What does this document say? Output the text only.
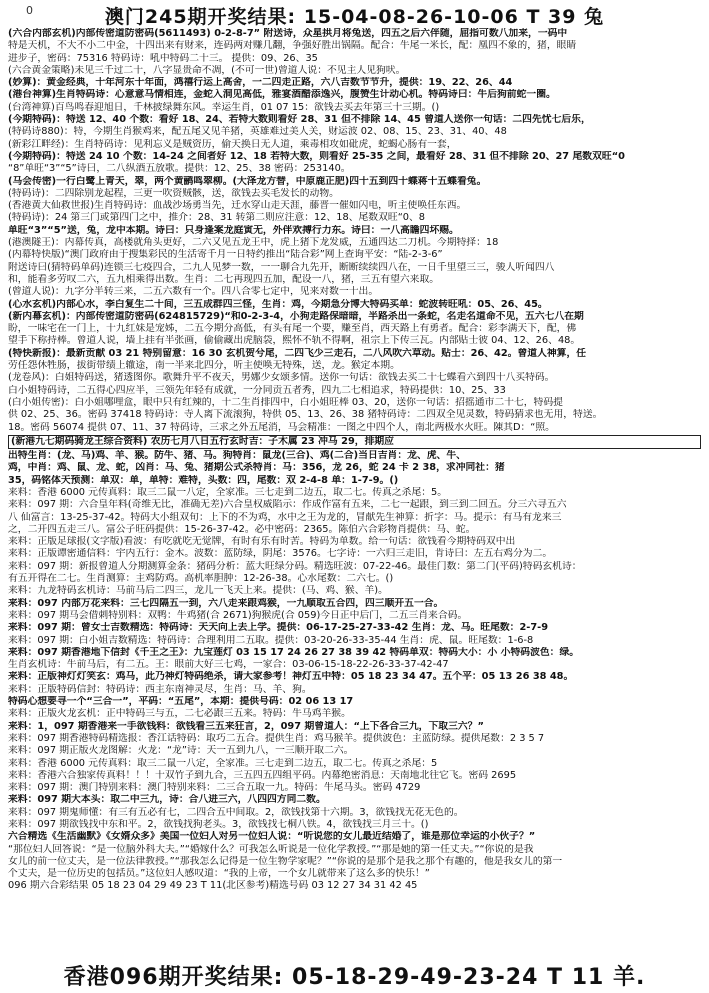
0	澳门245期开奖结果: 15-04-08-26-10-06 T 39 兔
(六合内部玄机)内部传密道防密码(5611493) 0-2-8-7” 附送诗，众星拱月将兔送，四五之后六伴随，屈指可数八加来，一码中
特是天机，不大不小二中金，十四出来有财来，连码两对赚几翻，争强好胜出锅隔。配合：牛尾一米长，配：凰四不象的，猪，眼睛
进步子，密码：75316 特码诗：吼中特码二十三。 提供：09、26、35
(六合黄金策略)未见三千过二十，八字显贵命不凋，(不可一世)曾道人说：不见主人见狗吠。
(妙算)：黄金经典，十年河东十年面，鸿禧行运上高舍，一二四走正路，六八吉数节节升，提供：19、22、26、44
(港台神算)生肖特码诗：心意意马情相连，金蛇入洞见高低，雅宴酒醋添逸兴，腹赞生计动心机。特码诗曰：牛后狗前蛇一圈。
(台湾神算)百鸟鸣春迎旭日，千林披绿舞东风。幸运生肖，01 07 15：欲钱去买去年第三十三期。()
(今期特码)：特送 12、40 个数：看好 18、24、若特大数则看好 28、31 但不排除 14、45 曾道人送你一句话：二四先忧七后乐，
(特码诗880)：特，今期生肖猴鸡来，配五尾又见羊猪，英雄难过美人关，财运波 02、08、15、23、31、40、48
(新彩江畔经)：生肖特码诗：见利忘义是贼资历，偷天换日无人道，乘毒相攻如砒虎，蛇蝎心肠有一套，
(今期特码)：特送 24 10 个数：14-24 之间者好 12、18 若特大数，则看好 25-35 之间，最看好 28、31 但不排除 20、27 尾数双旺“0
“8”单旺“3”“5”诗曰，二八纵酒五放歌。提供：12、25、38 密码：253140。
(马会传密)一行白鹭上青天，翠，两个黄鹂鸣翠柳。(大泽龙方替，中原鹿正肥)四十五到四十蝶蒋十五蝶看兔。
(特码诗)：二四除别龙起程，三更一吹资贼骸，送，欲钱去买毛发长的动物。
(香港黄大仙救世报)生肖特码诗：血战沙场勇当先，迁水穿山走天涯，藤晋一催如闪电，听主使唤任东西。
(特码诗)：24 第三门或第四门之中，推介：28、31 转第二则应注意：12、18、尾数双旺“0、8
单旺“3”“5”送，兔，龙中本期。诗曰：只身逢案龙庭寅无，外伴欢搏行力东。诗曰：一八高瞻四坏赐。
(港澳隧王)：内幕传真，高楼就角头更好，二六又见五龙王中，虎上猪下龙发威，五通四达二刀机。今期特择：18
(内幕特快版)“澳门政府由于搜集彩民的生活寄千月一日特约推出“陆合彩”网上查询平安：“陆-2-3-6”
附送诗曰(猜特码单码)连锁三七疫四合，二九人见梦一数，一一聊合九先开，断断续续四八在，一日千里望三三，骏人听闻四八
和，能看多劳叹二六，五九相乘得出数。生肖：二七再现四五加，配设一八，猪，三五有望六来取。
(曾道人说)：九字分半转三来，二五六数有一个。四八合零七定中，见来对数一十出。
(心水玄机)内部心水，李白复生二十间，三五成群四三怪，生肖：鸡，今期急分博大特码买单：蛇波转旺吼：05、26、45。
(新内幕玄机)：内部传密道防密码(624815729)“和0-2-3-4，小狗走路保暗暗，半路杀出一条蛇，名走名道命不见，五六七八在期
盼，一味宅在一门上，十九红妹是宠姊，二五今期分高低，有头有尾一个要，赚至肖，西天路上有勇者。配合：彩李满天下，配，佛
望手下称持棒。曾道人说，墙上挂有半张画，偷偷藏出虎脑袋，熙怀不轨不得啊，祖宗上下传三瓦。内部贴士彼 04、12、26、48。
(特快新报)：最新贡献 03 21 特别留意：16 30 玄机贺兮尾，二四飞少三走石，二八风吹六草动。贴士：26、42。曾道人神算，任
劳任怨休牲肠，拔街带绩上辙途，南一半来北四分，听主使唤无特殊，送，龙。猴定本期。
(龙卷风)：白姐特码送，猪透图你。歌舞升平不夜天，男娜少女颂多情。送你一句话：欲钱去买二十七蝶看六到四十八买特码。
白小姐特码诗，二五得心四应半，三领先年轻有成就，一分同贡五者秀，四九二七相追求，特码提供：10、25、33
(白小姐传密)：白小姐哪哩盒，眼中只有红辣的，十二生肖排四中，白小姐旺棒 03、20，送你一句话：招摇通市二十七，特码提
供 02、25、36。密码 37418 特码诗：寺人离下流滚狗，特供 05、13、26、38 猪特码诗：二四双全见灵数，特码猜求也无用，特送。
18。密码 56074 提供 07、11、37 特码诗，三求之外五尾消，马会精准：一图之中四个人，南北两极水火旺。陳其D：“照。
(新港九七期码骑龙王综合资料) 农历七月八日五行玄时吉：子木属 23 冲马 29，排期应
出特生肖：(龙、马)鸡、羊、猴。防牛、猪、马。狗特肖：鼠龙(三合)、鸡(二合)当日吉肖：龙、虎、牛、
鸡，中肖：鸡、鼠、龙、蛇，凶肖：马、兔、猪期公式杀特肖：马：356，龙 26，蛇 24 卡 2 38，求冲同社：猪
35，码铭体天预测：单双：单，单特：难特，头数：四，尾数：双 2-4-8 单：1-7-9。()
来料：香港 6000 元传真料：取三二鼠一八定，全家准。三七走到二边五，取二七。传真之杀尾：5。
来料：097 期：六合皇年料(奇维无比，准确无差)六合皇权威陷示：作成作富有五来，二七一起跟，到三到二回五。分三六寻五六
八 仙富言：13-25-37-42。特码大小组双旬：上下的不为鸡，水中之王为龙的，冒献先生神算：折字：马。提示：有马有龙来三
之，二开四五走三八。富公子旺码提供：15-26-37-42。必中密码：2365。陈伯六合彩物肖提供：马、蛇。
来料：正版足球报(文字版)看波：有吃就吃无觉牌，有时有乐有时苦。特码为单数。给一句话：欲钱看今期特码双中出
来料：正版谭密通信料：宇内五行：金木。波数：蓝防绿，阴尾：3576。七字诗：一六归三走旧，肯诗曰：左五右鸡分为二。
来料：097 期：新报曾道人分期测算金条：猪码分析：蓝大旺绿分码。精选旺波：07-22-46。最佳门数：第二门(平码)特码玄机诗：
有五开得在二七。生肖测算：主鸡防鸡。高机率胆肿：12-26-38。心水尾数：二六七。()
来料：九龙特码玄机诗：马前马后二四三，龙儿一飞天上来。提供：(马、鸡、猴、羊)。
来料：097 内部万花来料：三七四隔五一到，六八走来跟鸡猴，一九顺取五合四，四三顺开五一合。
来料：097 期马会借刺特别料：双鸭：牛鸡猪(合 2671)狗猴虎(合 059)今日正中后门，二五三肖来合码。
来料：097 期：曾女士吉数精选：特码诗：天天向上去上学。提供：06-17-25-27-33-42 生肖：龙、马。旺尾数：2-7-9
来料：097 期：白小姐吉数精选：特码诗：合理利用二五取。提供：03-20-26-33-35-44 生肖：虎、鼠。旺尾数：1-6-8
来料：097 期香港地下信封《千王之王》：九宝莲灯 03 15 17 24 26 27 38 39 42 特码单双：特码大小：小 小特码波色：绿。
生肖玄机诗：牛前马后，有二五。王：眼前大好三七鸡，一家合：03-06-15-18-22-26-33-37-42-47
来料：正版神灯灯笑玄：鸡马，此乃神灯特码绝杀，请大家参考！神灯五中特：05 18 23 34 47。五个平：05 13 26 38 48。
来料：正版特码信封：特码诗：西主东南神灵尽，生肖：马、羊、狗。
特码心想要寻一个“三合一”，平码：“五尾”，本期：提供号码：02 06 13 17
来料：正版火龙玄机：正中特码三与五，二七必跟三五来。特码：牛马鸡羊猴。
来料：1，097 期香港来一手欲钱料：欲钱看三五来狂言，2，097 期曾道人：“上下各合三九，下取三六？”
来料：097 期香港特码精选报：香江话特码：取巧二五合。提供生肖：鸡马猴羊。提供波色：主蓝防绿。提供尾数：2 3 5 7
来料：097 期正版火龙图解：火龙：“龙”诗：天一五到九八，一三顺开取二六。
来料：香港 6000 元传真料：取三二鼠一八定，全家准。三七走到二边五，取二七。传真之杀尾：5
来料：香港六合独家传真料！！！十双竹子到九合，三五四五四组平码。内幕绝密消息：天南地北往它飞。密码 2695
来料：097 期：澳门特别来料：澳门特别来料：二三合五取一九。特码：牛尾马头。密码 4729
来料：097 期大本头：取二中三九，诗：合八进三六，八四四方同二数。
来料：097 期鬼师懂：有三有五必有七，二四合五中间取。2，欲钱找第十六期。3，欲钱找无花无色的。
来料：097 期欲钱找中东和平。2，欲钱找狗老头。3，欲钱找七桐八铁。4，欲钱找三月三十。()
六合精选《生活幽默》《女婿众多》美国一位妇人对另一位妇人说：“听说您的女儿最近结婚了，谁是那位幸运的小伙子？”
“那位妇人回答说：“是一位脑外科大夫。”“婚嫁什么？可我怎么听说是一位化学教授。”“那是她的第一任丈夫。”“你说的是我
女儿的前一位丈夫，是一位法律教授。”“那我怎么记得是一位生物学家呢？”“你说的是那个是我之那个有趣的，他是我女儿的第一
个丈夫，是一位历史的包括员。”这位妇人感叹道：“我的上帝，一个女儿就带来了这么多的快乐！”
096 期六合彩结果 05 18 23 04 29 49 23 T 11(北区参考)精选号码 03 12 27 34 31 42 45
香港096期开奖结果: 05-18-29-49-23-24 T 11 羊.
